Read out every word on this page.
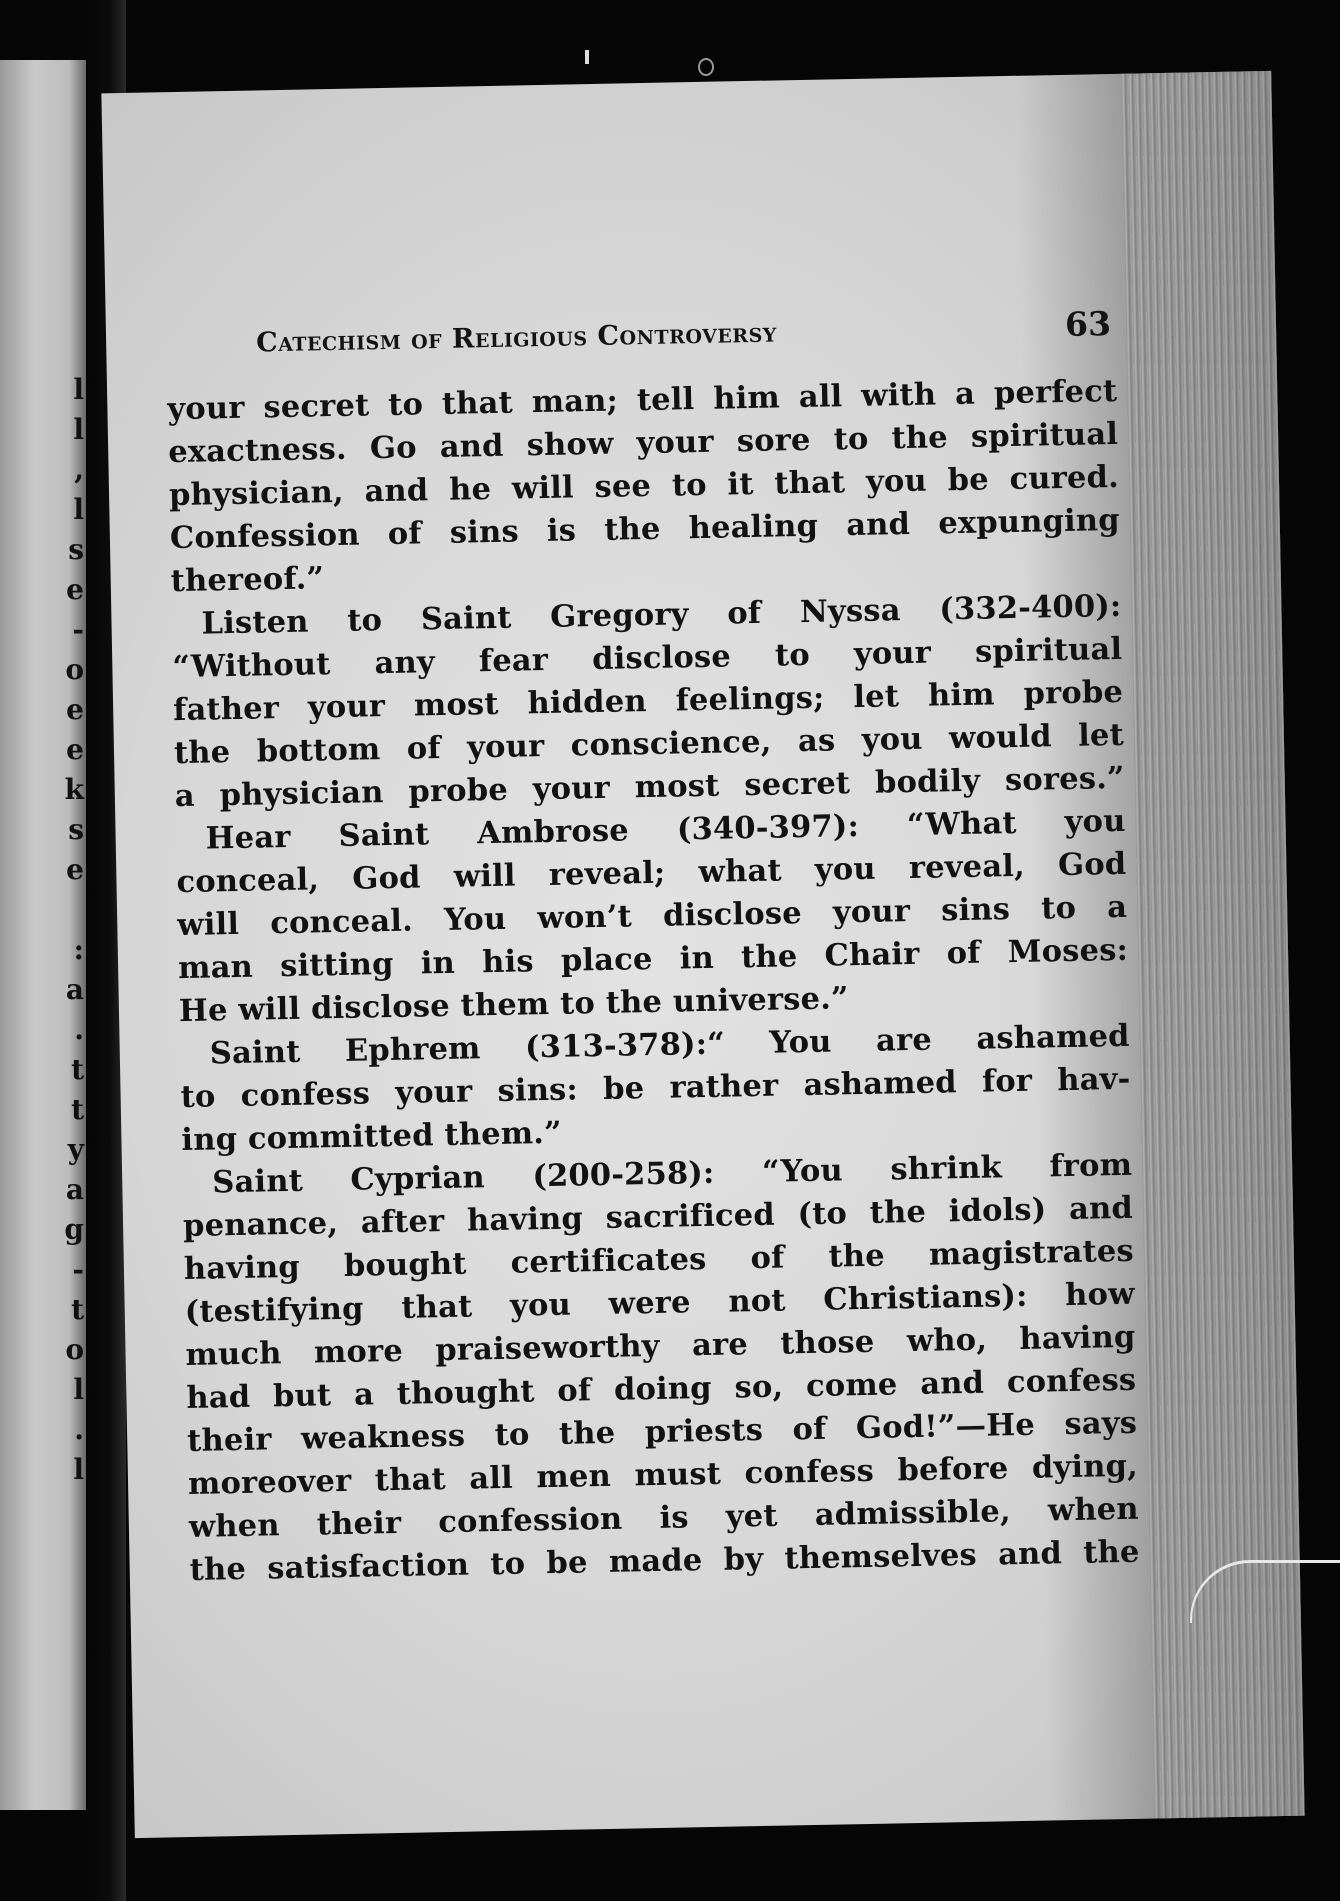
l
l
,
l
s
e
-
o
e
e
k
s
e
:
a
.
t
t
y
a
g
-
t
o
l
.
l
Catechism of Religious Controversy	63
your secret to that man; tell him all with a perfect
exactness. Go and show your sore to the spiritual
physician, and he will see to it that you be cured.
Confession of sins is the healing and expunging
thereof.”
Listen to Saint Gregory of Nyssa (332-400):
“Without any fear disclose to your spiritual
father your most hidden feelings; let him probe
the bottom of your conscience, as you would let
a physician probe your most secret bodily sores.”
Hear Saint Ambrose (340-397): “What you
conceal, God will reveal; what you reveal, God
will conceal. You won’t disclose your sins to a
man sitting in his place in the Chair of Moses:
He will disclose them to the universe.”
Saint Ephrem (313-378):“ You are ashamed
to confess your sins: be rather ashamed for hav-
ing committed them.”
Saint Cyprian (200-258): “You shrink from
penance, after having sacrificed (to the idols) and
having bought certificates of the magistrates
(testifying that you were not Christians): how
much more praiseworthy are those who, having
had but a thought of doing so, come and confess
their weakness to the priests of God!”—He says
moreover that all men must confess before dying,
when their confession is yet admissible, when
the satisfaction to be made by themselves and the
